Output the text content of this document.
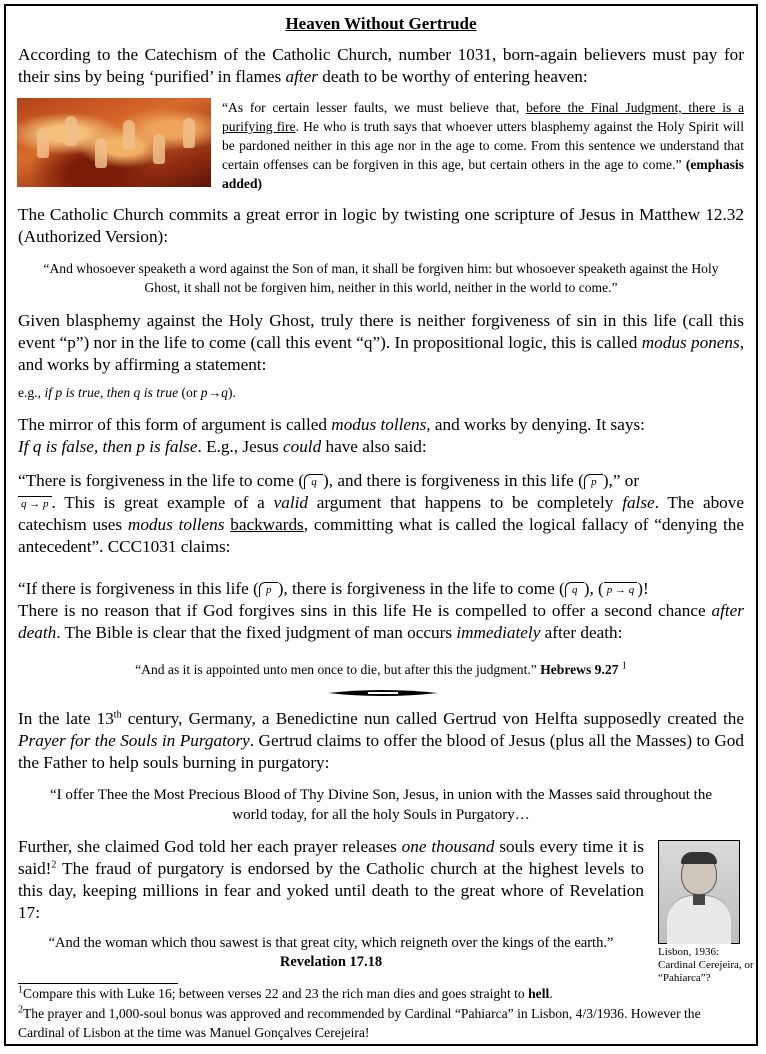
Heaven Without Gertrude
According to the Catechism of the Catholic Church, number 1031, born-again believers must pay for their sins by being ‘purified’ in flames after death to be worthy of entering heaven:
“As for certain lesser faults, we must believe that, before the Final Judgment, there is a purifying fire. He who is truth says that whoever utters blasphemy against the Holy Spirit will be pardoned neither in this age nor in the age to come. From this sentence we understand that certain offenses can be forgiven in this age, but certain others in the age to come.” (emphasis added)
The Catholic Church commits a great error in logic by twisting one scripture of Jesus in Matthew 12.32 (Authorized Version):
“And whosoever speaketh a word against the Son of man, it shall be forgiven him: but whosoever speaketh against the Holy Ghost, it shall not be forgiven him, neither in this world, neither in the world to come.”
Given blasphemy against the Holy Ghost, truly there is neither forgiveness of sin in this life (call this event “p”) nor in the life to come (call this event “q”). In propositional logic, this is called modus ponens, and works by affirming a statement:
e.g., if p is true, then q is true (or p→q).
The mirror of this form of argument is called modus tollens, and works by denying. It says:
If q is false, then p is false. E.g., Jesus could have also said:
“There is forgiveness in the life to come ( q ), and there is forgiveness in this life ( p ),” or
q → p . This is great example of a valid argument that happens to be completely false. The above catechism uses modus tollens backwards, committing what is called the logical fallacy of “denying the antecedent”. CCC1031 claims:
“If there is forgiveness in this life ( p ), there is forgiveness in the life to come ( q ), ( p → q )!
There is no reason that if God forgives sins in this life He is compelled to offer a second chance after death. The Bible is clear that the fixed judgment of man occurs immediately after death:
“And as it is appointed unto men once to die, but after this the judgment.” Hebrews 9.27 $^1$
In the late 13th century, Germany, a Benedictine nun called Gertrud von Helfta supposedly created the Prayer for the Souls in Purgatory. Gertrud claims to offer the blood of Jesus (plus all the Masses) to God the Father to help souls burning in purgatory:
“I offer Thee the Most Precious Blood of Thy Divine Son, Jesus, in union with the Masses said throughout the world today, for all the holy Souls in Purgatory…
Further, she claimed God told her each prayer releases one thousand souls every time it is said!$^2$ The fraud of purgatory is endorsed by the Catholic church at the highest levels to this day, keeping millions in fear and yoked until death to the great whore of Revelation 17:
Lisbon, 1936: Cardinal Cerejeira, or “Pahiarca”?
“And the woman which thou sawest is that great city, which reigneth over the kings of the earth.”
Revelation 17.18
$^1$Compare this with Luke 16; between verses 22 and 23 the rich man dies and goes straight to hell.
$^2$The prayer and 1,000-soul bonus was approved and recommended by Cardinal “Pahiarca” in Lisbon, 4/3/1936. However the Cardinal of Lisbon at the time was Manuel Gonçalves Cerejeira!
